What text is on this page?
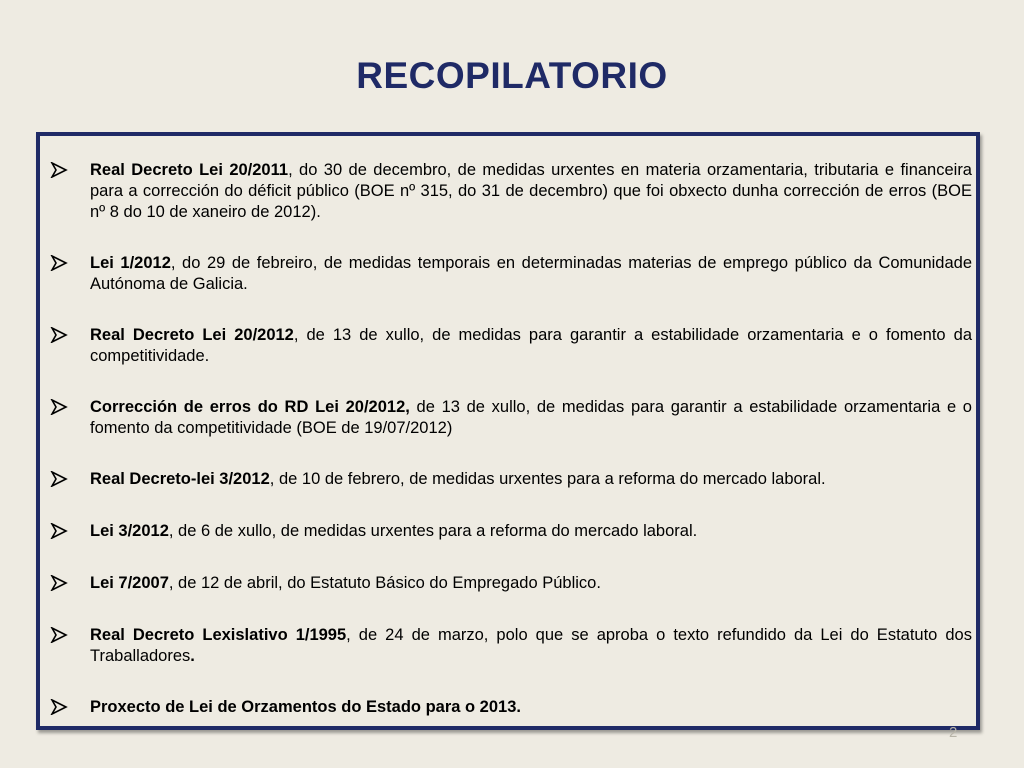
RECOPILATORIO
Real Decreto Lei 20/2011, do 30 de decembro, de medidas urxentes en materia orzamentaria, tributaria e financeira para a corrección do déficit público (BOE nº 315, do 31 de decembro) que foi obxecto dunha corrección de erros (BOE nº 8 do 10 de xaneiro de 2012).
Lei 1/2012, do 29 de febreiro, de medidas temporais en determinadas materias de emprego público da Comunidade Autónoma de Galicia.
Real Decreto Lei 20/2012, de 13 de xullo, de medidas para garantir a estabilidade orzamentaria e o fomento da competitividade.
Corrección de erros do RD Lei 20/2012, de 13 de xullo, de medidas para garantir a estabilidade orzamentaria e o fomento da competitividade (BOE de 19/07/2012)
Real Decreto-lei 3/2012, de 10 de febrero, de medidas urxentes para a reforma do mercado laboral.
Lei 3/2012, de 6 de xullo, de medidas urxentes para a reforma do mercado laboral.
Lei 7/2007, de 12 de abril, do Estatuto Básico do Empregado Público.
Real Decreto Lexislativo 1/1995, de 24 de marzo, polo que se aproba o texto refundido da Lei do Estatuto dos Traballadores.
Proxecto de Lei de Orzamentos do Estado para o 2013.
2
